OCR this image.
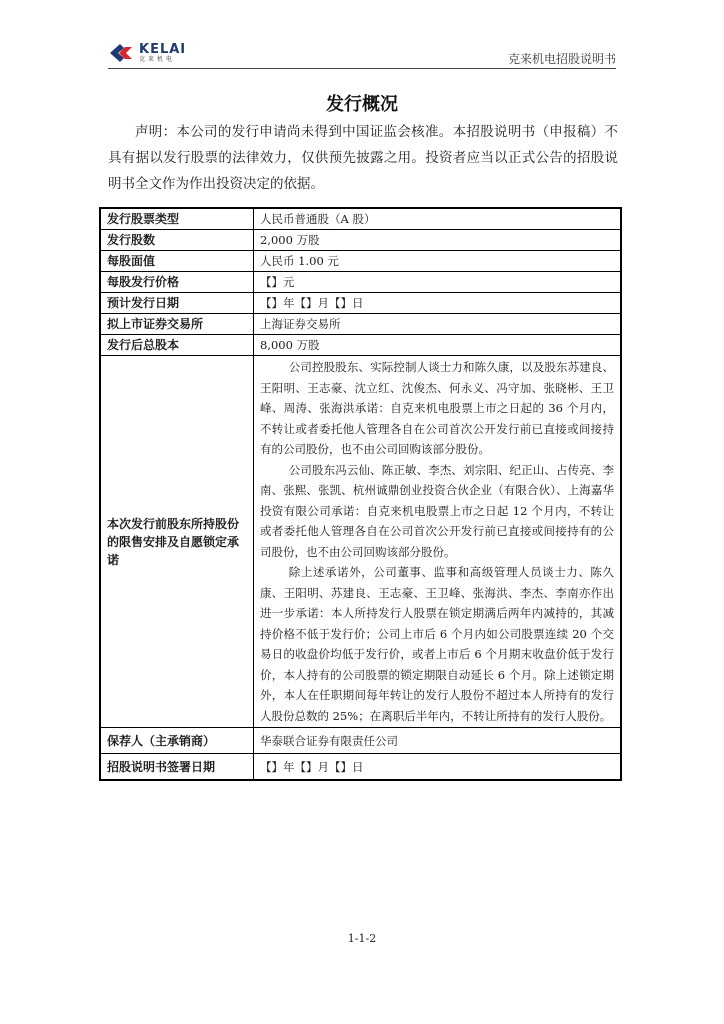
KELAI
克来机电	克来机电招股说明书
发行概况

声明：本公司的发行申请尚未得到中国证监会核准。本招股说明书（申报稿）不具有据以发行股票的法律效力，仅供预先披露之用。投资者应当以正式公告的招股说明书全文作为作出投资决定的依据。

发行股票类型	人民币普通股（A 股）
发行股数	2,000 万股
每股面值	人民币 1.00 元
每股发行价格	【】元
预计发行日期	【】年【】月【】日
拟上市证券交易所	上海证券交易所
发行后总股本	8,000 万股
本次发行前股东所持股份的限售安排及自愿锁定承诺	公司控股股东、实际控制人谈士力和陈久康，以及股东苏建良、王阳明、王志豪、沈立红、沈俊杰、何永义、冯守加、张晓彬、王卫峰、周涛、张海洪承诺：自克来机电股票上市之日起的 36 个月内，不转让或者委托他人管理各自在公司首次公开发行前已直接或间接持有的公司股份，也不由公司回购该部分股份。

公司股东冯云仙、陈正敏、李杰、刘宗阳、纪正山、占传亮、李南、张熙、张凯、杭州诚鼎创业投资合伙企业（有限合伙）、上海嘉华投资有限公司承诺：自克来机电股票上市之日起 12 个月内，不转让或者委托他人管理各自在公司首次公开发行前已直接或间接持有的公司股份，也不由公司回购该部分股份。

除上述承诺外，公司董事、监事和高级管理人员谈士力、陈久康、王阳明、苏建良、王志豪、王卫峰、张海洪、李杰、李南亦作出进一步承诺：本人所持发行人股票在锁定期满后两年内减持的，其减持价格不低于发行价；公司上市后 6 个月内如公司股票连续 20 个交易日的收盘价均低于发行价，或者上市后 6 个月期末收盘价低于发行价，本人持有的公司股票的锁定期限自动延长 6 个月。除上述锁定期外，本人在任职期间每年转让的发行人股份不超过本人所持有的发行人股份总数的 25%；在离职后半年内，不转让所持有的发行人股份。

保荐人（主承销商）	华泰联合证券有限责任公司
招股说明书签署日期	【】年【】月【】日
1-1-2
